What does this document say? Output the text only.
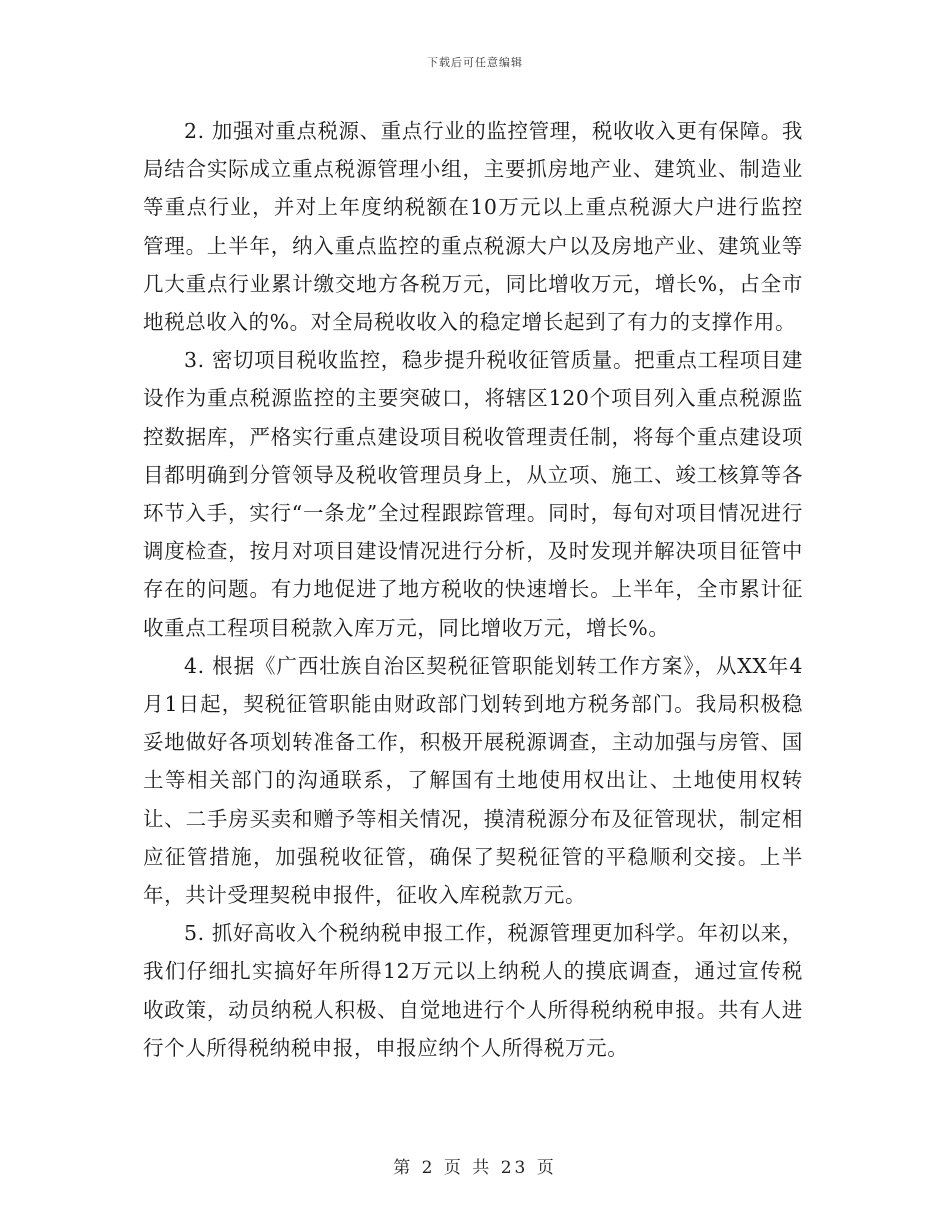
下载后可任意编辑

2. 加强对重点税源、重点行业的监控管理，税收收入更有保障。我局结合实际成立重点税源管理小组，主要抓房地产业、建筑业、制造业等重点行业，并对上年度纳税额在10万元以上重点税源大户进行监控管理。上半年，纳入重点监控的重点税源大户以及房地产业、建筑业等几大重点行业累计缴交地方各税万元，同比增收万元，增长%，占全市地税总收入的%。对全局税收收入的稳定增长起到了有力的支撑作用。

3. 密切项目税收监控，稳步提升税收征管质量。把重点工程项目建设作为重点税源监控的主要突破口，将辖区120个项目列入重点税源监控数据库，严格实行重点建设项目税收管理责任制，将每个重点建设项目都明确到分管领导及税收管理员身上，从立项、施工、竣工核算等各环节入手，实行“一条龙”全过程跟踪管理。同时，每旬对项目情况进行调度检查，按月对项目建设情况进行分析，及时发现并解决项目征管中存在的问题。有力地促进了地方税收的快速增长。上半年，全市累计征收重点工程项目税款入库万元，同比增收万元，增长%。

4. 根据《广西壮族自治区契税征管职能划转工作方案》，从XX年4月1日起，契税征管职能由财政部门划转到地方税务部门。我局积极稳妥地做好各项划转准备工作，积极开展税源调查，主动加强与房管、国土等相关部门的沟通联系，了解国有土地使用权出让、土地使用权转让、二手房买卖和赠予等相关情况，摸清税源分布及征管现状，制定相应征管措施，加强税收征管，确保了契税征管的平稳顺利交接。上半年，共计受理契税申报件，征收入库税款万元。

5. 抓好高收入个税纳税申报工作，税源管理更加科学。年初以来，我们仔细扎实搞好年所得12万元以上纳税人的摸底调查，通过宣传税收政策，动员纳税人积极、自觉地进行个人所得税纳税申报。共有人进行个人所得税纳税申报，申报应纳个人所得税万元。

第 2 页 共 23 页
